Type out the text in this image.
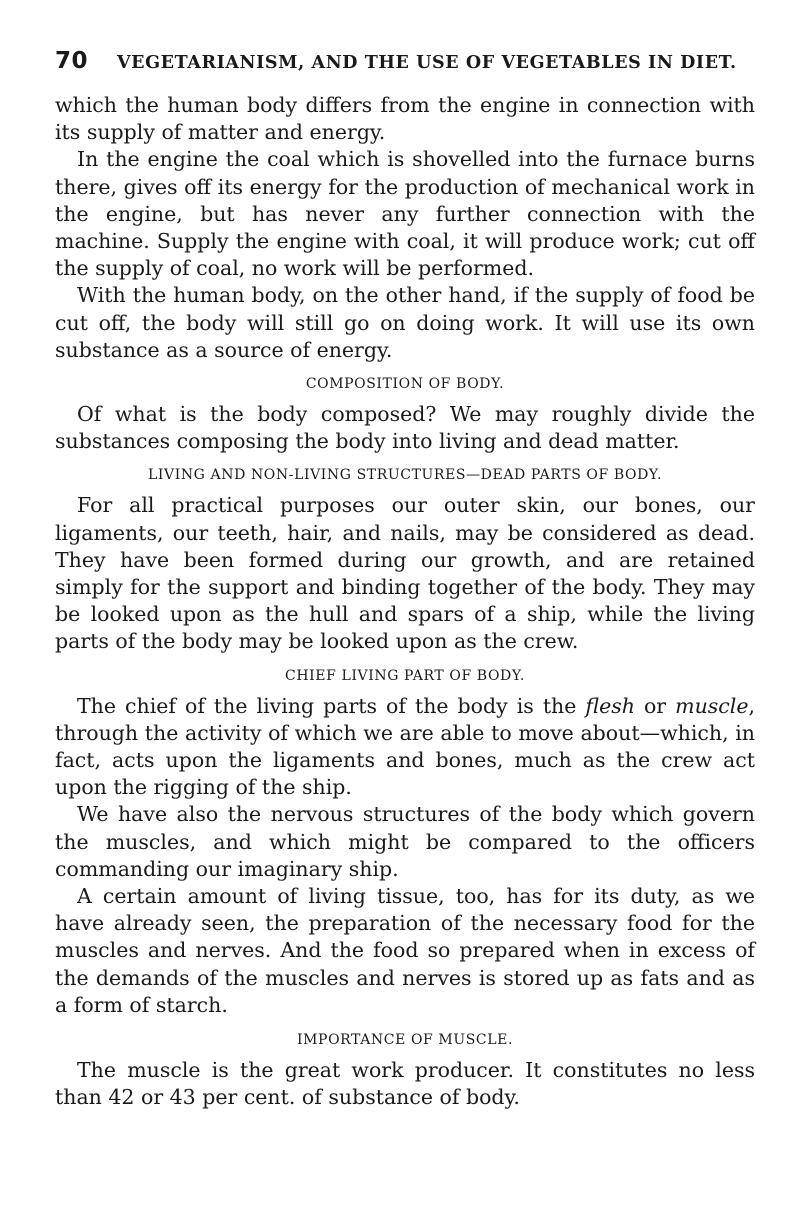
70	VEGETARIANISM, AND THE USE OF VEGETABLES IN DIET.

which the human body differs from the engine in connection with its supply of matter and energy.

In the engine the coal which is shovelled into the furnace burns there, gives off its energy for the production of mechanical work in the engine, but has never any further connection with the machine. Supply the engine with coal, it will produce work; cut off the supply of coal, no work will be performed.

With the human body, on the other hand, if the supply of food be cut off, the body will still go on doing work. It will use its own substance as a source of energy.

COMPOSITION OF BODY.

Of what is the body composed? We may roughly divide the substances composing the body into living and dead matter.

LIVING AND NON-LIVING STRUCTURES—DEAD PARTS OF BODY.

For all practical purposes our outer skin, our bones, our ligaments, our teeth, hair, and nails, may be considered as dead. They have been formed during our growth, and are retained simply for the support and binding together of the body. They may be looked upon as the hull and spars of a ship, while the living parts of the body may be looked upon as the crew.

CHIEF LIVING PART OF BODY.

The chief of the living parts of the body is the flesh or muscle, through the activity of which we are able to move about—which, in fact, acts upon the ligaments and bones, much as the crew act upon the rigging of the ship.

We have also the nervous structures of the body which govern the muscles, and which might be compared to the officers commanding our imaginary ship.

A certain amount of living tissue, too, has for its duty, as we have already seen, the preparation of the necessary food for the muscles and nerves. And the food so prepared when in excess of the demands of the muscles and nerves is stored up as fats and as a form of starch.

IMPORTANCE OF MUSCLE.

The muscle is the great work producer. It constitutes no less than 42 or 43 per cent. of substance of body.
